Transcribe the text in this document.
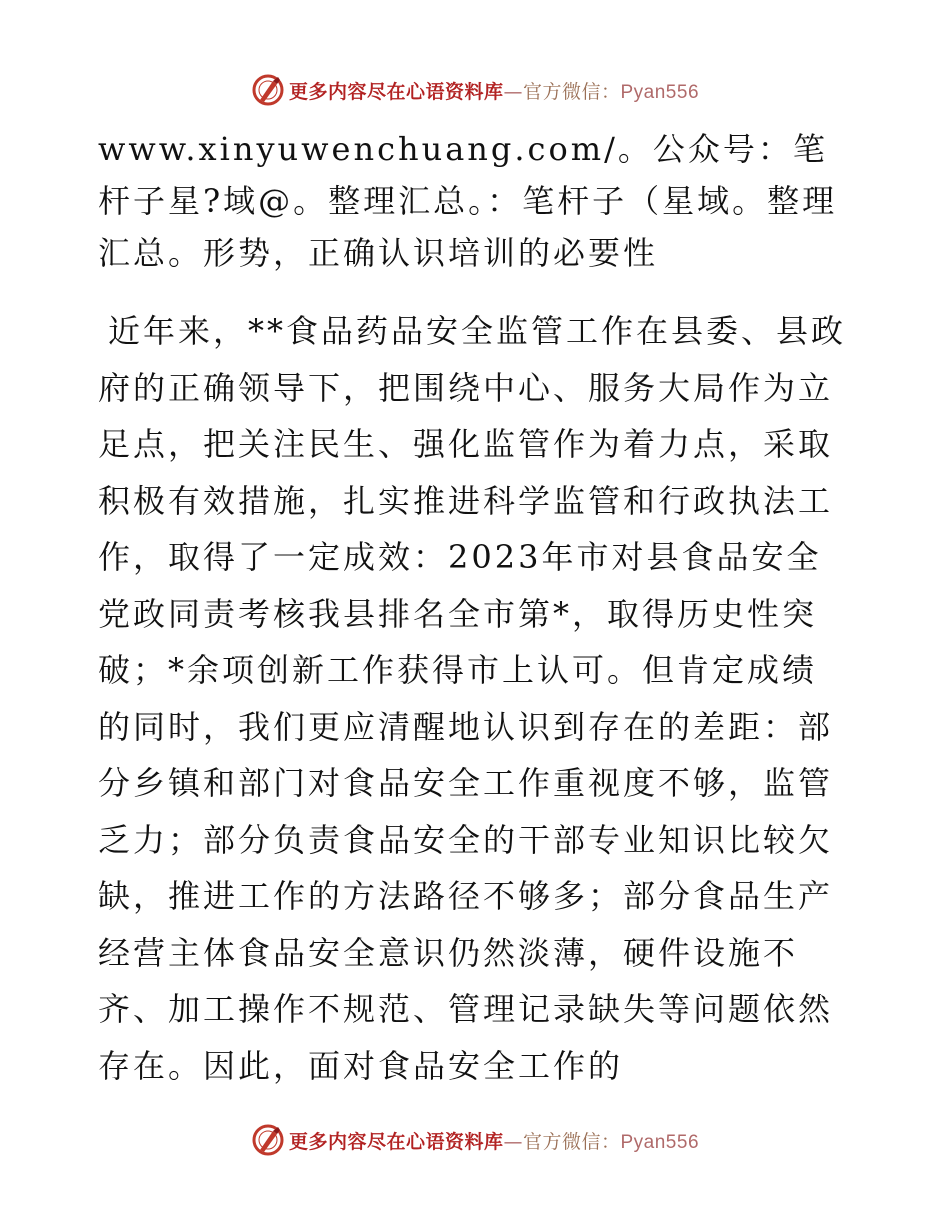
更多内容尽在心语资料库—官方微信：Pyan556

www.xinyuwenchuang.com/。公众号：笔杆子星?域@。整理汇总。：笔杆子（星域。整理汇总。形势，正确认识培训的必要性

近年来，**食品药品安全监管工作在县委、县政府的正确领导下，把围绕中心、服务大局作为立足点，把关注民生、强化监管作为着力点，采取积极有效措施，扎实推进科学监管和行政执法工作，取得了一定成效：2023年市对县食品安全党政同责考核我县排名全市第*，取得历史性突破；*余项创新工作获得市上认可。但肯定成绩的同时，我们更应清醒地认识到存在的差距：部分乡镇和部门对食品安全工作重视度不够，监管乏力；部分负责食品安全的干部专业知识比较欠缺，推进工作的方法路径不够多；部分食品生产经营主体食品安全意识仍然淡薄，硬件设施不齐、加工操作不规范、管理记录缺失等问题依然存在。因此，面对食品安全工作的

更多内容尽在心语资料库—官方微信：Pyan556
